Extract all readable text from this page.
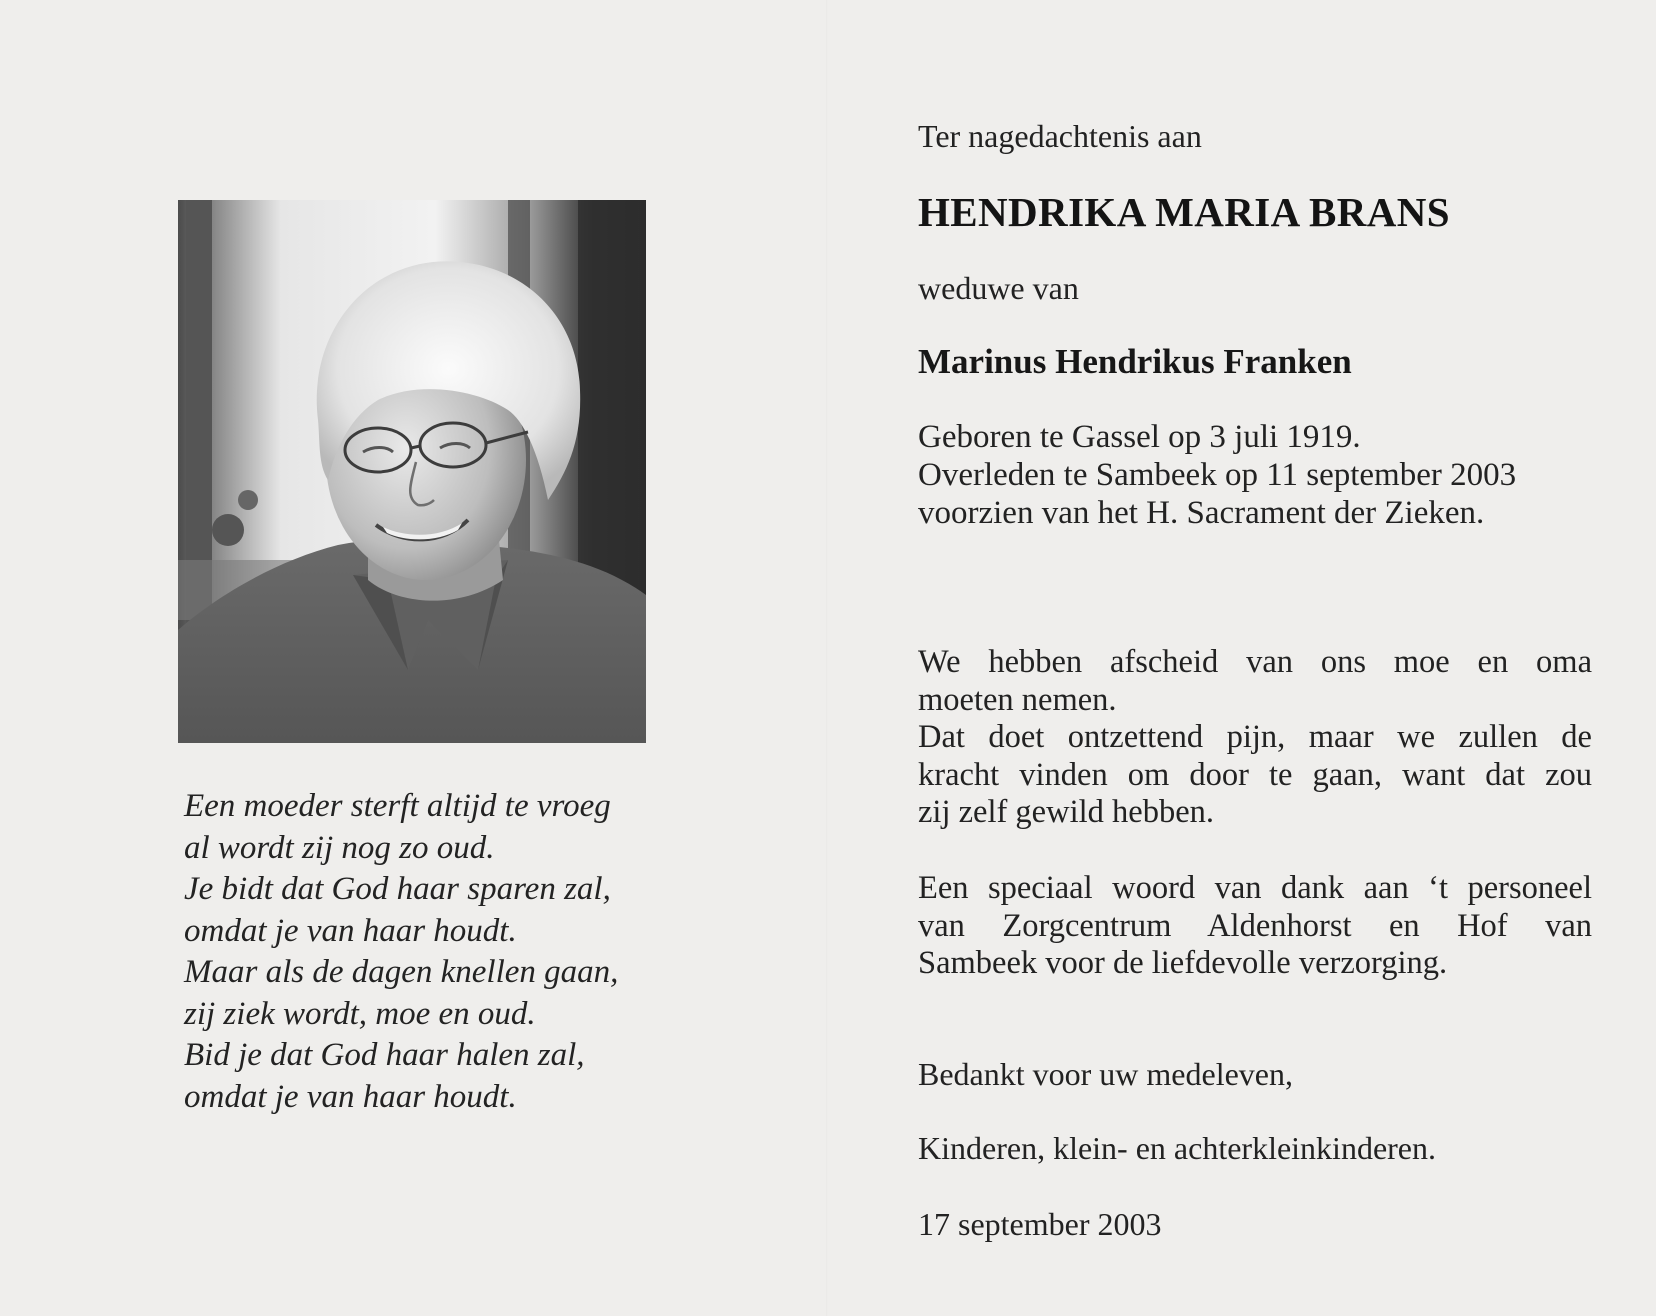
Een moeder sterft altijd te vroeg
al wordt zij nog zo oud.
Je bidt dat God haar sparen zal,
omdat je van haar houdt.
Maar als de dagen knellen gaan,
zij ziek wordt, moe en oud.
Bid je dat God haar halen zal,
omdat je van haar houdt.
Ter nagedachtenis aan
HENDRIKA MARIA BRANS
weduwe van
Marinus Hendrikus Franken
Geboren te Gassel op 3 juli 1919.
Overleden te Sambeek op 11 september 2003
voorzien van het H. Sacrament der Zieken.
We hebben afscheid van ons moe en oma
moeten nemen.
Dat doet ontzettend pijn, maar we zullen de
kracht vinden om door te gaan, want dat zou
zij zelf gewild hebben.
Een speciaal woord van dank aan ‘t personeel
van Zorgcentrum Aldenhorst en Hof van
Sambeek voor de liefdevolle verzorging.
Bedankt voor uw medeleven,
Kinderen, klein- en achterkleinkinderen.
17 september 2003
